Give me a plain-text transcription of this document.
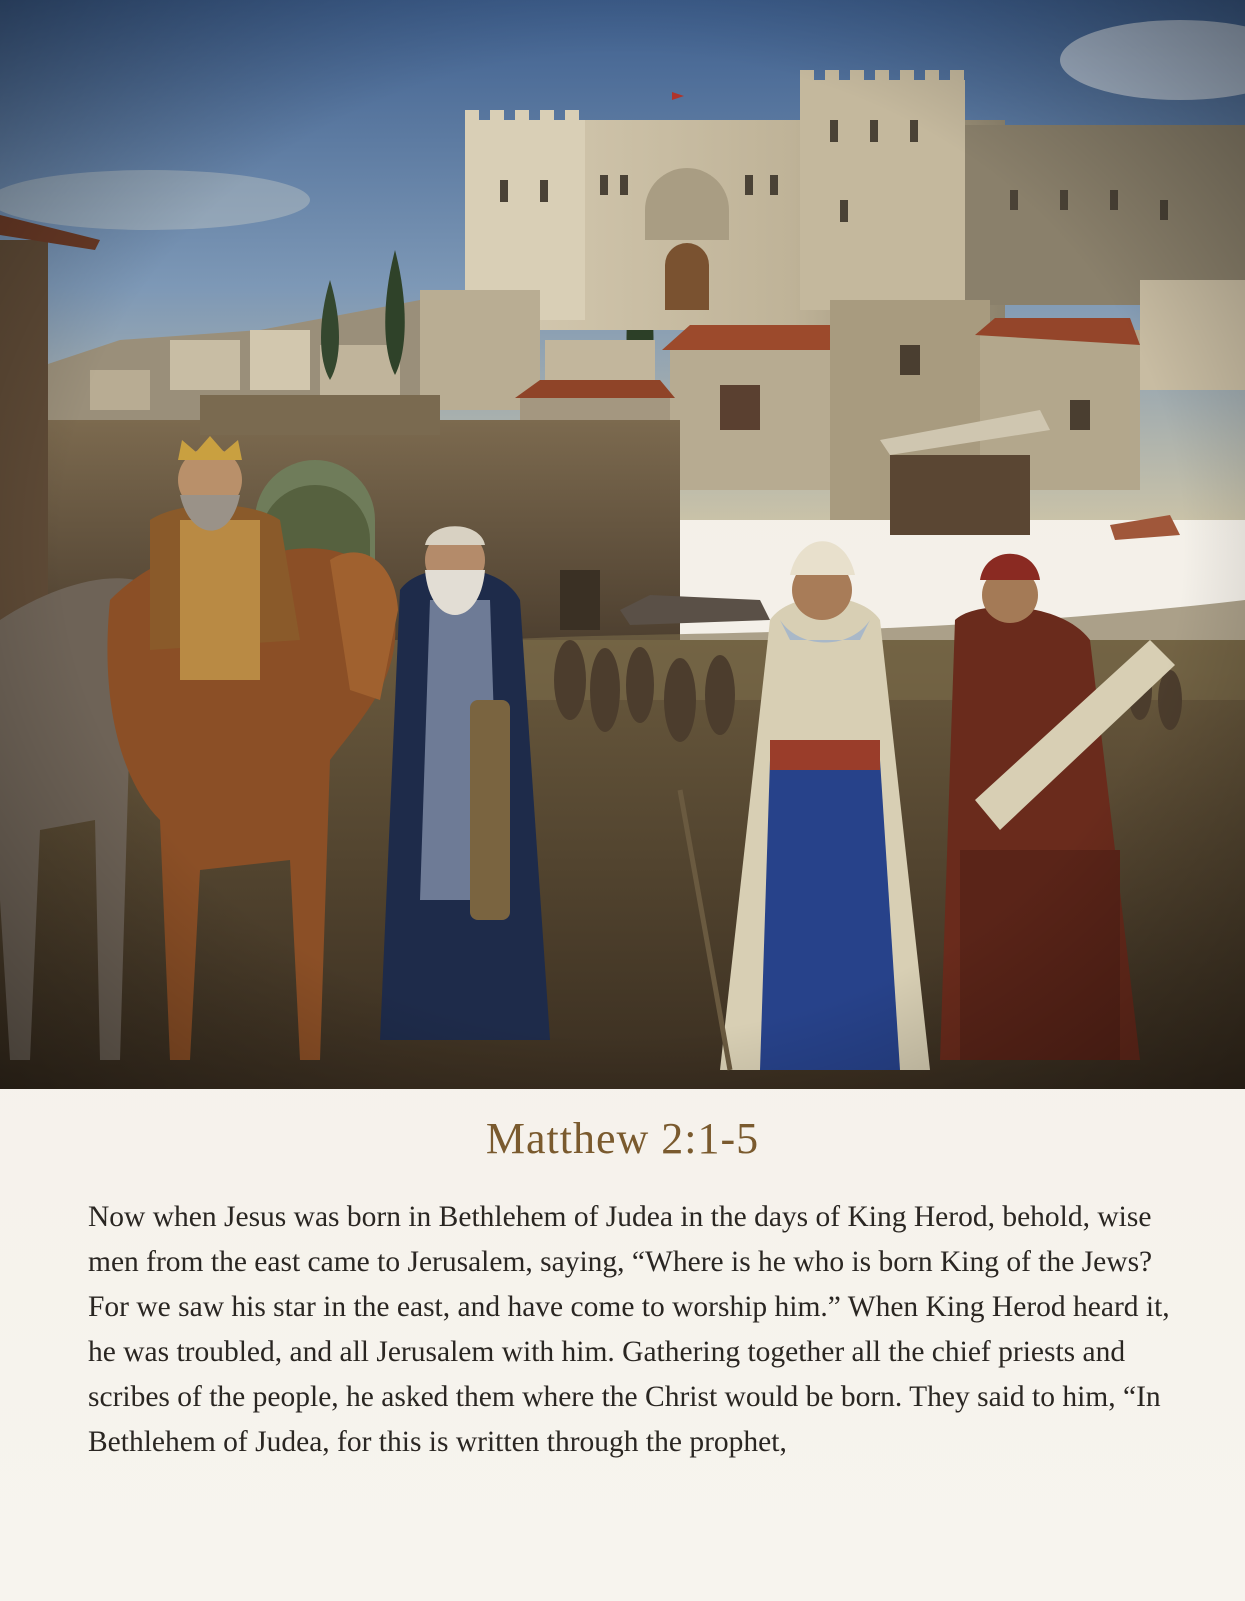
Matthew 2:1-5

Now when Jesus was born in Bethlehem of Judea in the days of King Herod, behold, wise men from the east came to Jerusalem, saying, “Where is he who is born King of the Jews? For we saw his star in the east, and have come to worship him.” When King Herod heard it, he was troubled, and all Jerusalem with him. Gathering together all the chief priests and scribes of the people, he asked them where the Christ would be born. They said to him, “In Bethlehem of Judea, for this is written through the prophet,
